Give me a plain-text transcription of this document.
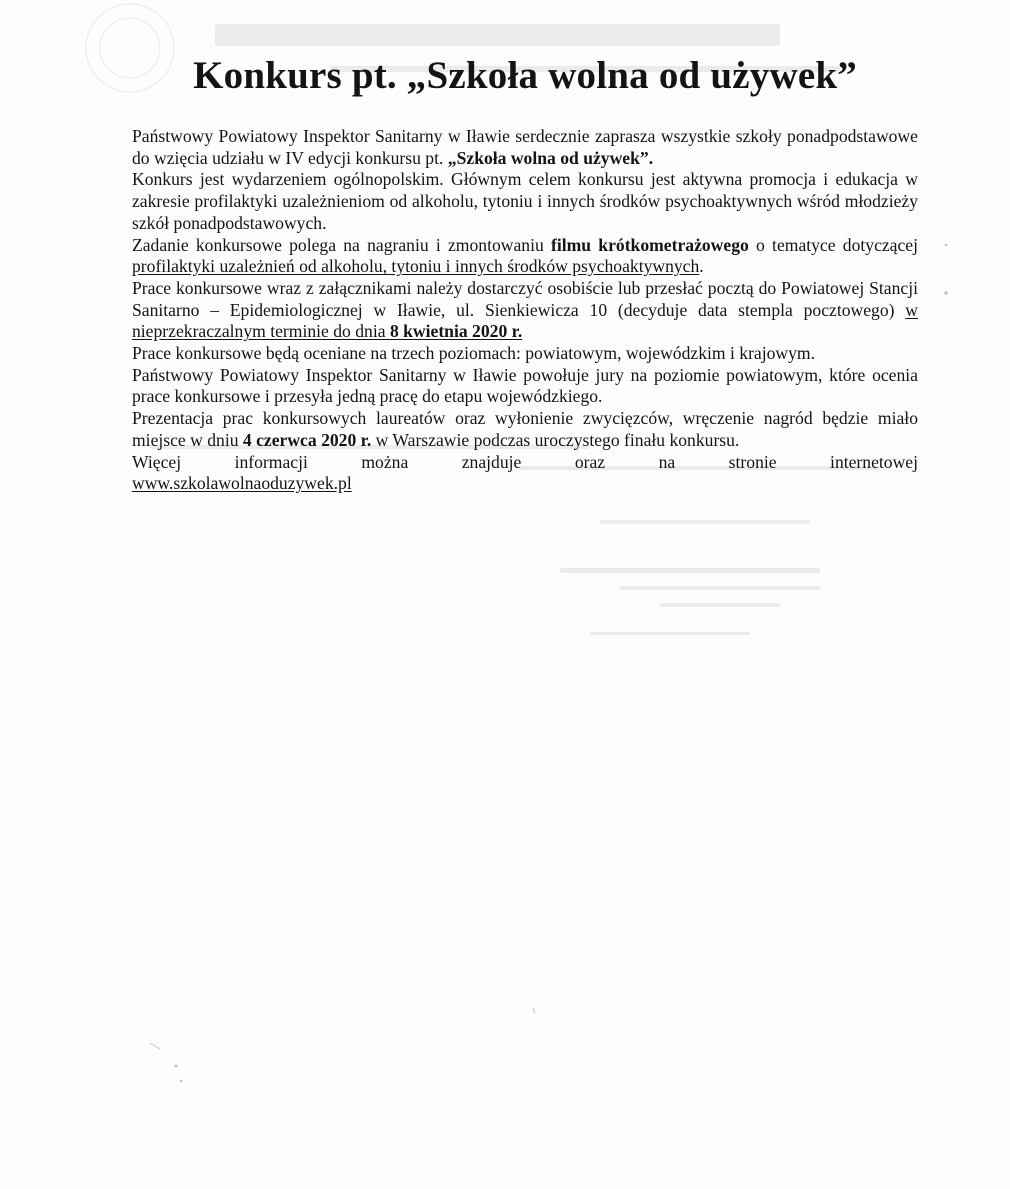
Konkurs pt. „Szkoła wolna od używek”

Państwowy Powiatowy Inspektor Sanitarny w Iławie serdecznie zaprasza wszystkie szkoły ponadpodstawowe do wzięcia udziału w IV edycji konkursu pt. „Szkoła wolna od używek”.

Konkurs jest wydarzeniem ogólnopolskim. Głównym celem konkursu jest aktywna promocja i edukacja w zakresie profilaktyki uzależnieniom od alkoholu, tytoniu i innych środków psychoaktywnych wśród młodzieży szkół ponadpodstawowych.

Zadanie konkursowe polega na nagraniu i zmontowaniu filmu krótkometrażowego o tematyce dotyczącej profilaktyki uzależnień od alkoholu, tytoniu i innych środków psychoaktywnych.

Prace konkursowe wraz z załącznikami należy dostarczyć osobiście lub przesłać pocztą do Powiatowej Stancji Sanitarno – Epidemiologicznej w Iławie, ul. Sienkiewicza 10 (decyduje data stempla pocztowego) w nieprzekraczalnym terminie do dnia 8 kwietnia 2020 r.

Prace konkursowe będą oceniane na trzech poziomach: powiatowym, wojewódzkim i krajowym.

Państwowy Powiatowy Inspektor Sanitarny w Iławie powołuje jury na poziomie powiatowym, które ocenia prace konkursowe i przesyła jedną pracę do etapu wojewódzkiego.

Prezentacja prac konkursowych laureatów oraz wyłonienie zwycięzców, wręczenie nagród będzie miało miejsce w dniu 4 czerwca 2020 r. w Warszawie podczas uroczystego finału konkursu.

Więcej informacji można znajduje oraz na stronie internetowej

www.szkolawolnaoduzywek.pl
